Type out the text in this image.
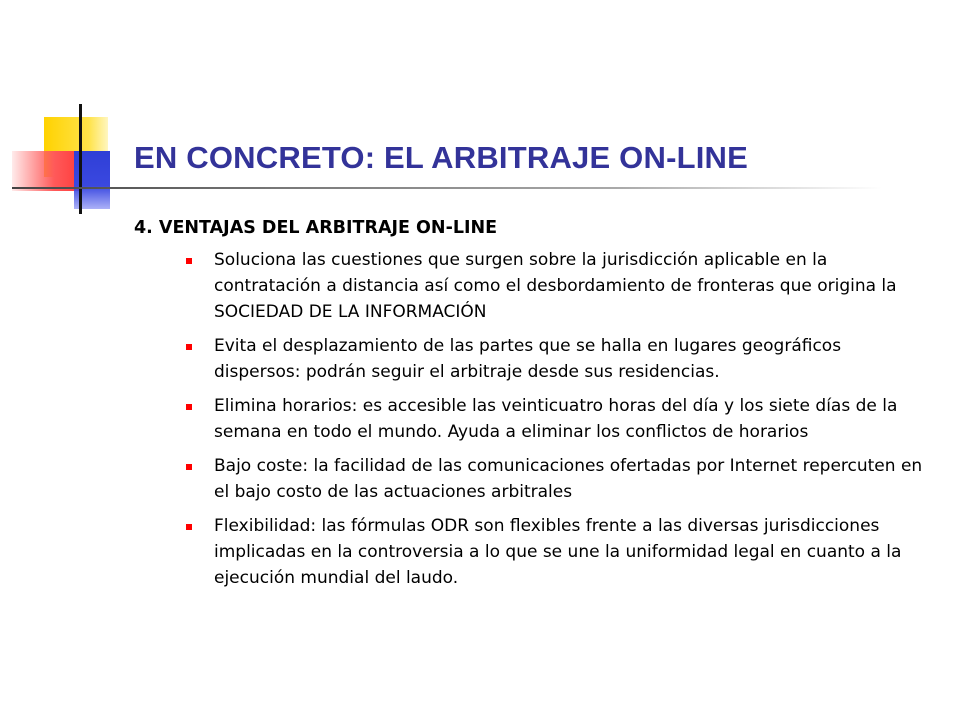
EN CONCRETO: EL ARBITRAJE ON-LINE
4. VENTAJAS DEL ARBITRAJE ON-LINE
Soluciona las cuestiones que surgen sobre la jurisdicción aplicable en la contratación a distancia así como el desbordamiento de fronteras que origina la SOCIEDAD DE LA INFORMACIÓN
Evita el desplazamiento de las partes que se halla en lugares geográficos dispersos: podrán seguir el arbitraje desde sus residencias.
Elimina horarios: es accesible las veinticuatro horas del día y los siete días de la semana en todo el mundo. Ayuda a eliminar los conflictos de horarios
Bajo coste: la facilidad de las comunicaciones ofertadas por Internet repercuten en el bajo costo de las actuaciones arbitrales
Flexibilidad: las fórmulas ODR son flexibles frente a las diversas jurisdicciones implicadas en la controversia a lo que se une la uniformidad legal en cuanto a la ejecución mundial del laudo.
